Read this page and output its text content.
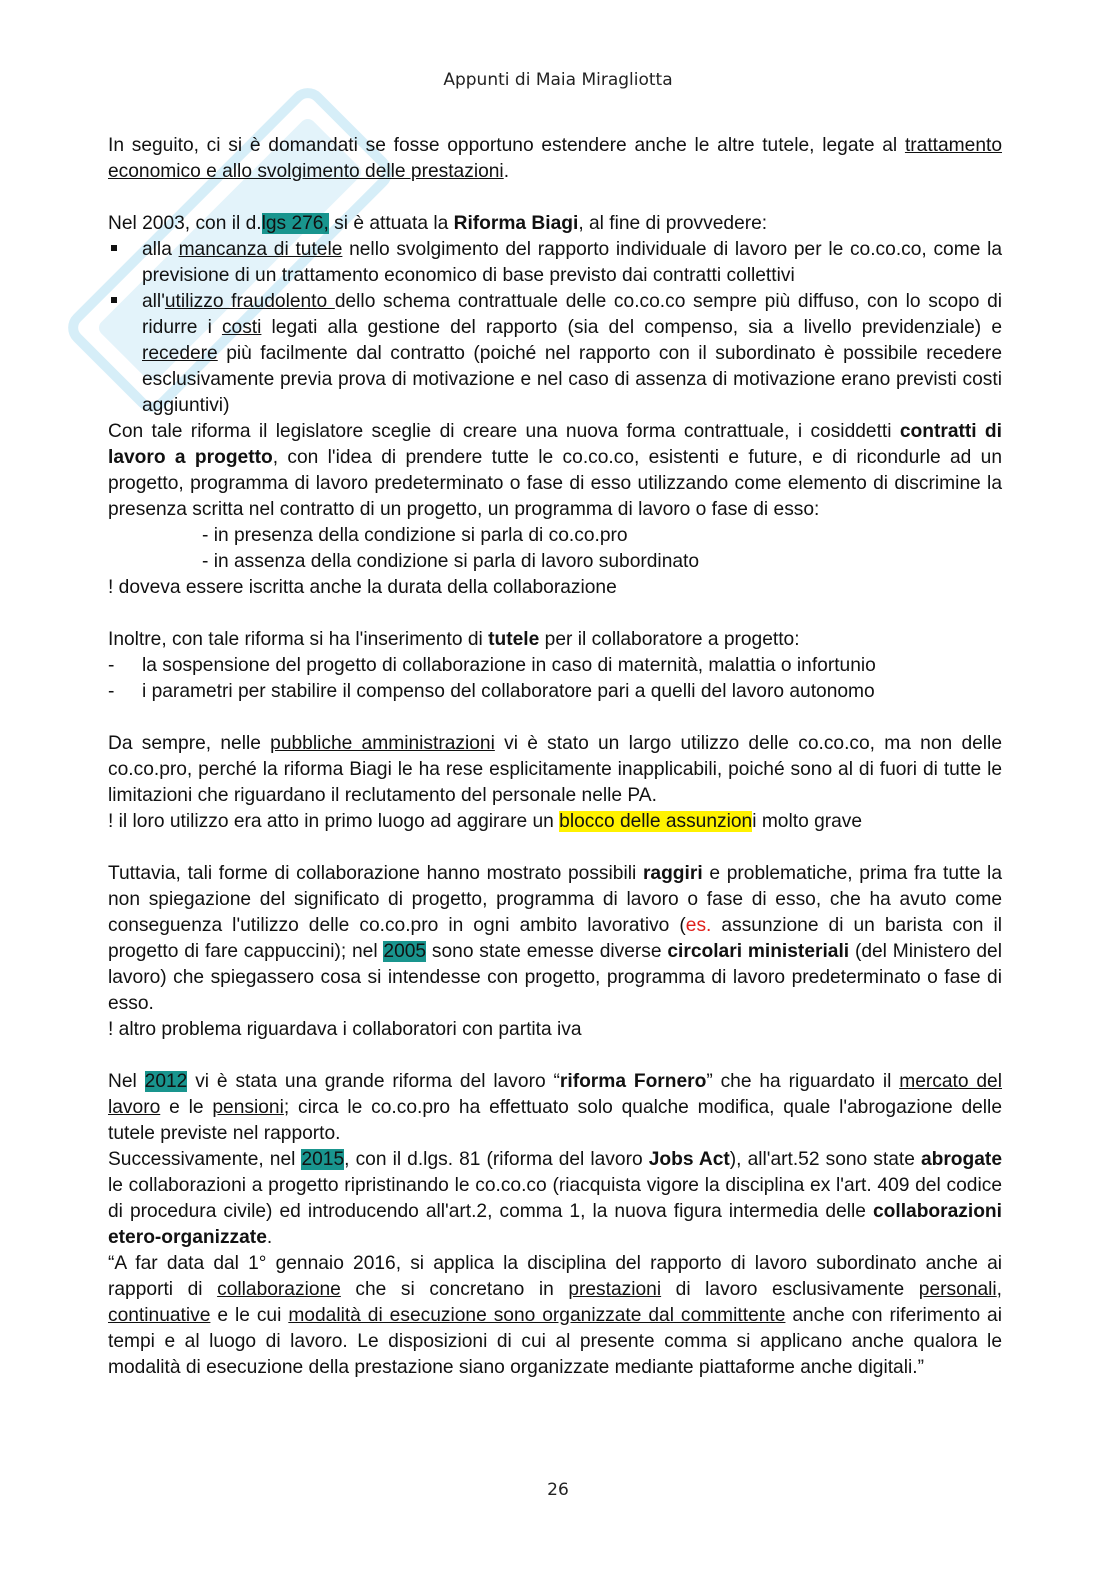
Appunti di Maia Miragliotta

In seguito, ci si è domandati se fosse opportuno estendere anche le altre tutele, legate al trattamento economico e allo svolgimento delle prestazioni.

Nel 2003, con il d.lgs 276, si è attuata la Riforma Biagi, al fine di provvedere:

alla mancanza di tutele nello svolgimento del rapporto individuale di lavoro per le co.co.co, come la previsione di un trattamento economico di base previsto dai contratti collettivi
all'utilizzo fraudolento dello schema contrattuale delle co.co.co sempre più diffuso, con lo scopo di ridurre i costi legati alla gestione del rapporto (sia del compenso, sia a livello previdenziale) e recedere più facilmente dal contratto (poiché nel rapporto con il subordinato è possibile recedere esclusivamente previa prova di motivazione e nel caso di assenza di motivazione erano previsti costi aggiuntivi)

Con tale riforma il legislatore sceglie di creare una nuova forma contrattuale, i cosiddetti contratti di lavoro a progetto, con l'idea di prendere tutte le co.co.co, esistenti e future, e di ricondurle ad un progetto, programma di lavoro predeterminato o fase di esso utilizzando come elemento di discrimine la presenza scritta nel contratto di un progetto, un programma di lavoro o fase di esso:

- in presenza della condizione si parla di co.co.pro

- in assenza della condizione si parla di lavoro subordinato

! doveva essere iscritta anche la durata della collaborazione

Inoltre, con tale riforma si ha l'inserimento di tutele per il collaboratore a progetto:

-	la sospensione del progetto di collaborazione in caso di maternità, malattia o infortunio
-	i parametri per stabilire il compenso del collaboratore pari a quelli del lavoro autonomo

Da sempre, nelle pubbliche amministrazioni vi è stato un largo utilizzo delle co.co.co, ma non delle co.co.pro, perché la riforma Biagi le ha rese esplicitamente inapplicabili, poiché sono al di fuori di tutte le limitazioni che riguardano il reclutamento del personale nelle PA.

! il loro utilizzo era atto in primo luogo ad aggirare un blocco delle assunzioni molto grave

Tuttavia, tali forme di collaborazione hanno mostrato possibili raggiri e problematiche, prima fra tutte la non spiegazione del significato di progetto, programma di lavoro o fase di esso, che ha avuto come conseguenza l'utilizzo delle co.co.pro in ogni ambito lavorativo (es. assunzione di un barista con il progetto di fare cappuccini); nel 2005 sono state emesse diverse circolari ministeriali (del Ministero del lavoro) che spiegassero cosa si intendesse con progetto, programma di lavoro predeterminato o fase di esso.

! altro problema riguardava i collaboratori con partita iva

Nel 2012 vi è stata una grande riforma del lavoro “riforma Fornero” che ha riguardato il mercato del lavoro e le pensioni; circa le co.co.pro ha effettuato solo qualche modifica, quale l'abrogazione delle tutele previste nel rapporto.

Successivamente, nel 2015, con il d.lgs. 81 (riforma del lavoro Jobs Act), all'art.52 sono state abrogate le collaborazioni a progetto ripristinando le co.co.co (riacquista vigore la disciplina ex l'art. 409 del codice di procedura civile) ed introducendo all'art.2, comma 1, la nuova figura intermedia delle collaborazioni etero-organizzate.

“A far data dal 1° gennaio 2016, si applica la disciplina del rapporto di lavoro subordinato anche ai rapporti di collaborazione che si concretano in prestazioni di lavoro esclusivamente personali, continuative e le cui modalità di esecuzione sono organizzate dal committente anche con riferimento ai tempi e al luogo di lavoro. Le disposizioni di cui al presente comma si applicano anche qualora le modalità di esecuzione della prestazione siano organizzate mediante piattaforme anche digitali.”

26
